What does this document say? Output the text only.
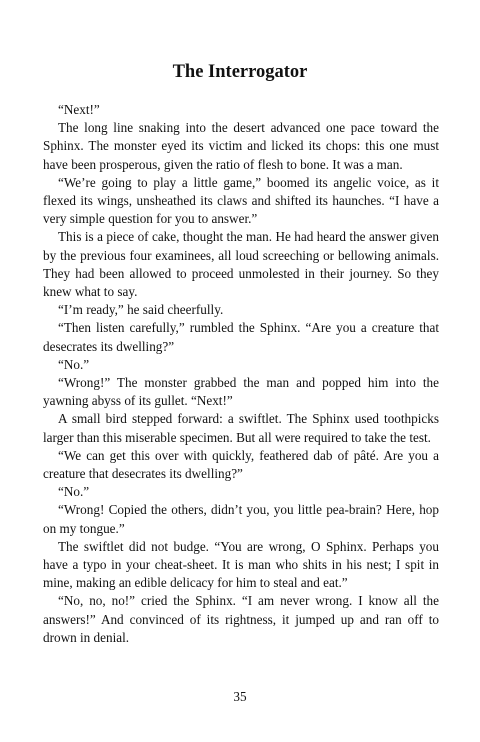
The Interrogator

“Next!”

The long line snaking into the desert advanced one pace toward the Sphinx. The monster eyed its victim and licked its chops: this one must have been prosperous, given the ratio of flesh to bone. It was a man.

“We’re going to play a little game,” boomed its angelic voice, as it flexed its wings, unsheathed its claws and shifted its haunches. “I have a very simple question for you to answer.”

This is a piece of cake, thought the man. He had heard the answer given by the previous four examinees, all loud screeching or bellowing animals. They had been allowed to proceed unmolested in their journey. So they knew what to say.

“I’m ready,” he said cheerfully.

“Then listen carefully,” rumbled the Sphinx. “Are you a creature that desecrates its dwelling?”

“No.”

“Wrong!” The monster grabbed the man and popped him into the yawning abyss of its gullet. “Next!”

A small bird stepped forward: a swiftlet. The Sphinx used toothpicks larger than this miserable specimen. But all were required to take the test.

“We can get this over with quickly, feathered dab of pâté. Are you a creature that desecrates its dwelling?”

“No.”

“Wrong! Copied the others, didn’t you, you little pea-brain? Here, hop on my tongue.”

The swiftlet did not budge. “You are wrong, O Sphinx. Perhaps you have a typo in your cheat-sheet. It is man who shits in his nest; I spit in mine, making an edible delicacy for him to steal and eat.”

“No, no, no!” cried the Sphinx. “I am never wrong. I know all the answers!” And convinced of its rightness, it jumped up and ran off to drown in denial.

35
